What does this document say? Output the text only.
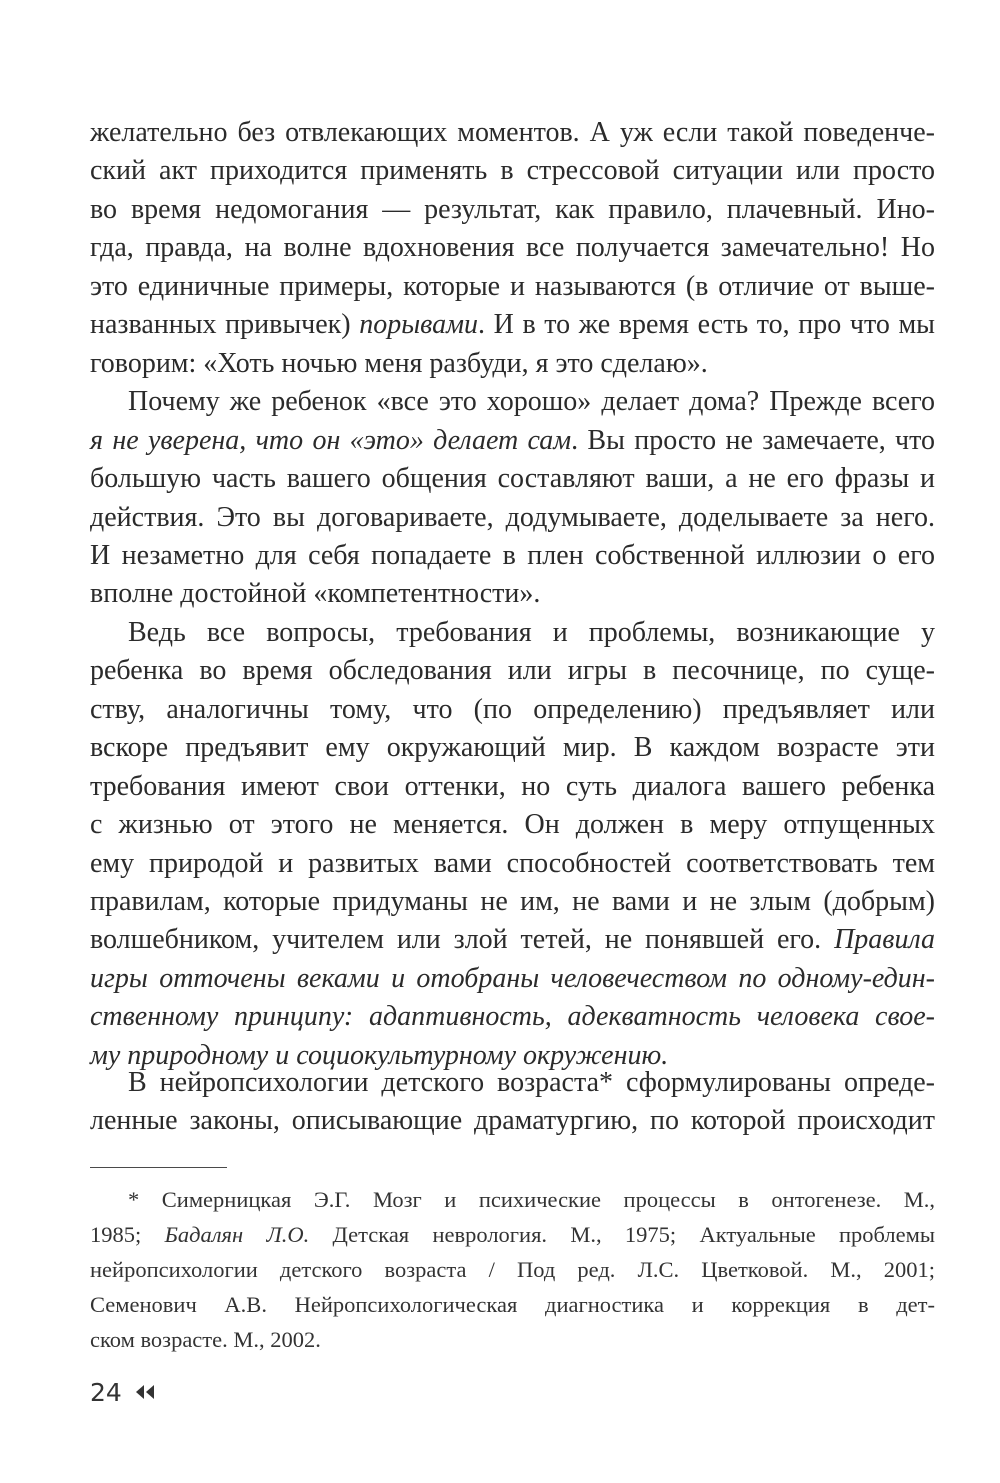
желательно без отвлекающих моментов. А уж если такой поведенче-
ский акт приходится применять в стрессовой ситуации или просто
во время недомогания — результат, как правило, плачевный. Ино-
гда, правда, на волне вдохновения все получается замечательно! Но
это единичные примеры, которые и называются (в отличие от выше-
названных привычек) порывами. И в то же время есть то, про что мы
говорим: «Хоть ночью меня разбуди, я это сделаю».
Почему же ребенок «все это хорошо» делает дома? Прежде всего
я не уверена, что он «это» делает сам. Вы просто не замечаете, что
большую часть вашего общения составляют ваши, а не его фразы и
действия. Это вы договариваете, додумываете, доделываете за него.
И незаметно для себя попадаете в плен собственной иллюзии о его
вполне достойной «компетентности».
Ведь все вопросы, требования и проблемы, возникающие у
ребенка во время обследования или игры в песочнице, по суще-
ству, аналогичны тому, что (по определению) предъявляет или
вскоре предъявит ему окружающий мир. В каждом возрасте эти
требования имеют свои оттенки, но суть диалога вашего ребенка
с жизнью от этого не меняется. Он должен в меру отпущенных
ему природой и развитых вами способностей соответствовать тем
правилам, которые придуманы не им, не вами и не злым (добрым)
волшебником, учителем или злой тетей, не понявшей его. Правила
игры отточены веками и отобраны человечеством по одному-един-
ственному принципу: адаптивность, адекватность человека свое-
му природному и социокультурному окружению.
В нейропсихологии детского возраста* сформулированы опреде-
ленные законы, описывающие драматургию, по которой происходит
* Симерницкая Э.Г. Мозг и психические процессы в онтогенезе. М.,
1985; Бадалян Л.О. Детская неврология. М., 1975; Актуальные проблемы
нейропсихологии детского возраста / Под ред. Л.С. Цветковой. М., 2001;
Семенович А.В. Нейропсихологическая диагностика и коррекция в дет-
ском возрасте. М., 2002.
24
